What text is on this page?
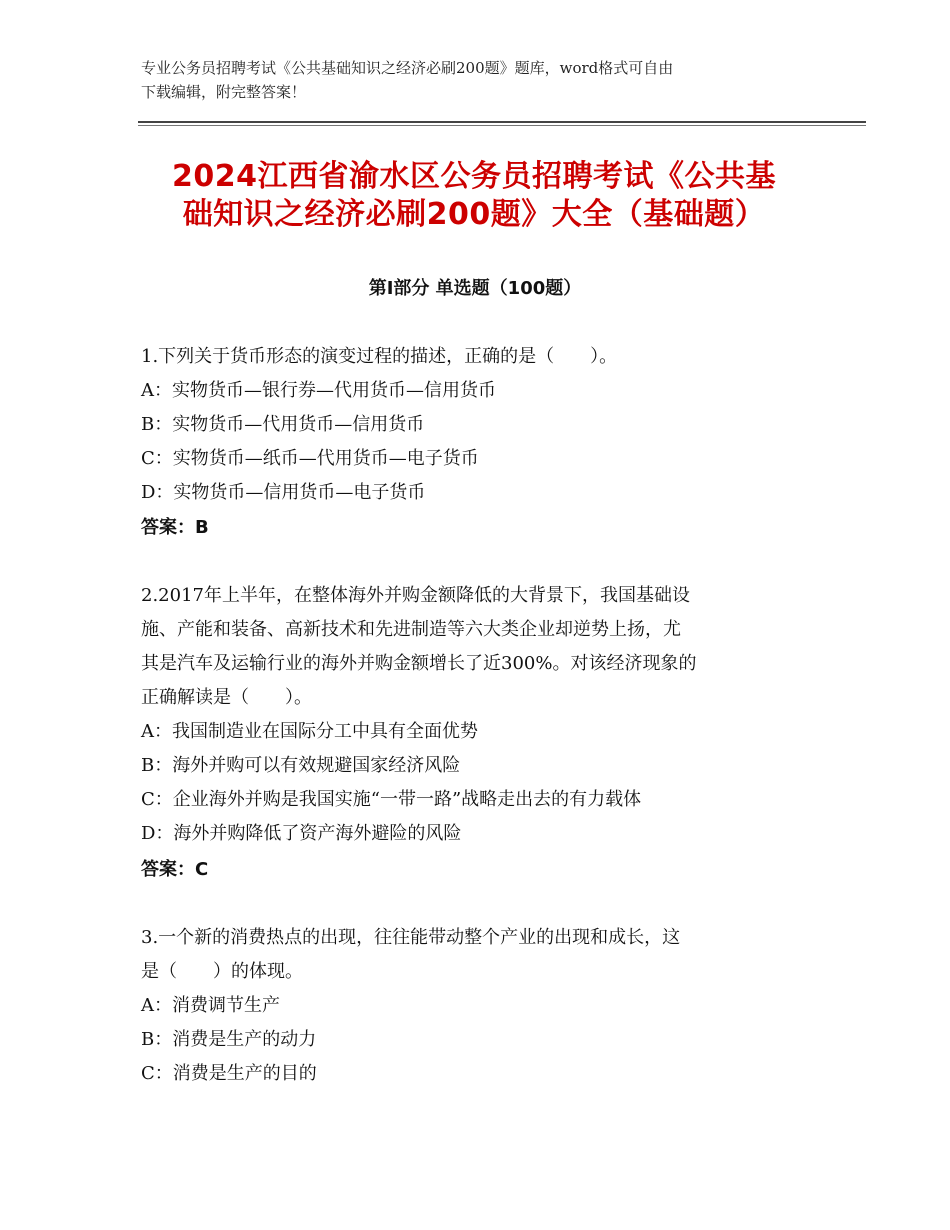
专业公务员招聘考试《公共基础知识之经济必刷200题》题库，word格式可自由
下载编辑，附完整答案！
2024江西省渝水区公务员招聘考试《公共基
础知识之经济必刷200题》大全（基础题）
第Ⅰ部分 单选题（100题）
1.下列关于货币形态的演变过程的描述，正确的是（　　）。
A：实物货币—银行券—代用货币—信用货币
B：实物货币—代用货币—信用货币
C：实物货币—纸币—代用货币—电子货币
D：实物货币—信用货币—电子货币
答案：B
2.2017年上半年，在整体海外并购金额降低的大背景下，我国基础设
施、产能和装备、高新技术和先进制造等六大类企业却逆势上扬，尤
其是汽车及运输行业的海外并购金额增长了近300%。对该经济现象的
正确解读是（　　）。
A：我国制造业在国际分工中具有全面优势
B：海外并购可以有效规避国家经济风险
C：企业海外并购是我国实施“一带一路”战略走出去的有力载体
D：海外并购降低了资产海外避险的风险
答案：C
3.一个新的消费热点的出现，往往能带动整个产业的出现和成长，这
是（　　）的体现。
A：消费调节生产
B：消费是生产的动力
C：消费是生产的目的
